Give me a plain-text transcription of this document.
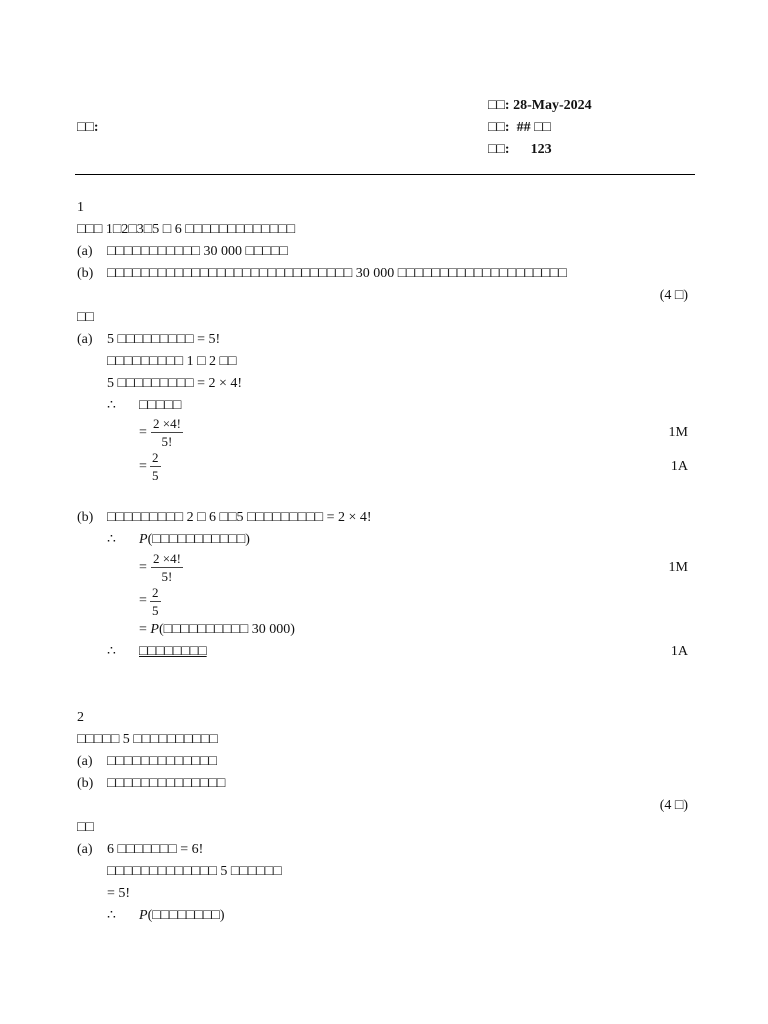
□□: 28-May-2024
□□:	□□: ## □□
□□: 123
1
□□□ 1□2□3□5 □ 6 □□□□□□□□□□□□□
(a) □□□□□□□□□□□ 30 000 □□□□□
(b) □□□□□□□□□□□□□□□□□□□□□□□□□□□□□ 30 000 □□□□□□□□□□□□□□□□□□□□
(4 □)
□□
(a) 5 □□□□□□□□□ = 5!
□□□□□□□□□ 1 □ 2 □□
5 □□□□□□□□□ = 2 × 4!
∴ □□□□□
=
2 ×4!
5!
1M
=
2
5
1A
(b) □□□□□□□□□ 2 □ 6 □□5 □□□□□□□□□ = 2 × 4!
∴ P(□□□□□□□□□□□)
=
2 ×4!
5!
1M
=
2
5
= P(□□□□□□□□□□ 30 000)
∴ □□□□□□□□	1A
2
□□□□□ 5 □□□□□□□□□□
(a) □□□□□□□□□□□□□
(b) □□□□□□□□□□□□□□
(4 □)
□□
(a) 6 □□□□□□□ = 6!
□□□□□□□□□□□□□ 5 □□□□□□
= 5!
∴ P(□□□□□□□□)
